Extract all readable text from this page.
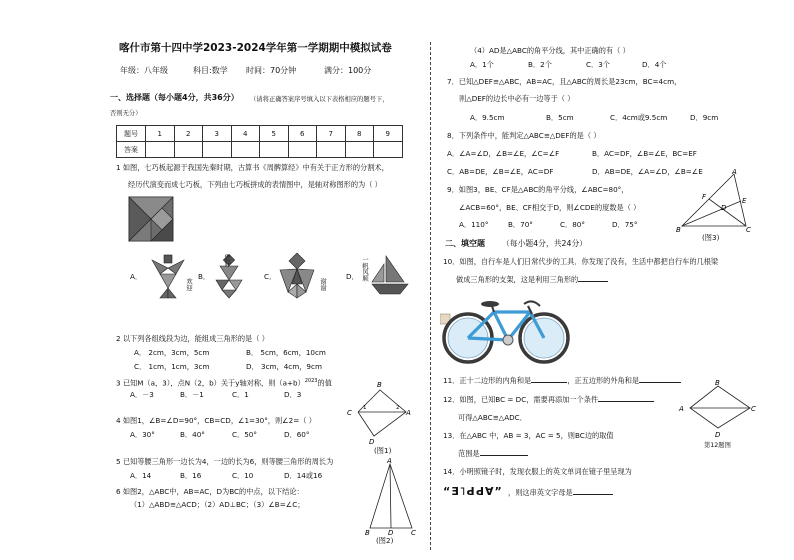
喀什市第十四中学2023-2024学年第一学期期中模拟试卷
年级：八年级	科目:数学 时间：70分钟	满分：100分
一、选择题（每小题4分，共36分） （请将正确答案序号填入以下表格相应的题号下，
否则无分）
题号	1	2	3	4	5	6	7	8	9
答案									
1 如图，七巧板起源于我国先秦时期，古算书《周髀算经》中有关于正方形的分割术，
经历代演变而成七巧板，下列由七巧板拼成的表情图中，是轴对称图形的为（ ）
A．
欢迎
B．
您好
C．
谢谢
D． 一帆风顺
2 以下列各组线段为边，能组成三角形的是（ ）
A． 2cm，3cm，5cm	B． 5cm，6cm，10cm
C． 1cm，1cm，3cm	D． 3cm，4cm，9cm
3 已知M（a，3），点N（2，b）关于y轴对称，则$(a+b)^{2023}$的值
A．－3	B．－1	C．1	D．3
4 如图1，∠B=∠D=90°，CB=CD，∠1=30°，则∠2=（ ）
A．30°	B．40°	C．50°	D．60°
C
B
A
D
1	2
(图1)
5 已知等腰三角形一边长为4，一边的长为6，则等腰三角形的周长为
A．14	B．16	C．10	D．14或16
6 如图2，△ABC中，AB=AC，D为BC的中点，以下结论：
（1）△ABD≌△ACD；（2）AD⊥BC；（3）∠B=∠C；
A
B	D	C
(图2)
（4）AD是△ABC的角平分线，其中正确的有（ ）
A．1个	B．2个	C．3个	D．4个
7．已知△DEF≌△ABC，AB=AC，且△ABC的周长是23cm，BC=4cm，
则△DEF的边长中必有一边等于（ ）
A．9.5cm	B．5cm	C．4cm或9.5cm	D．9cm
8．下列条件中，能判定△ABC≌△DEF的是（ ）
A．∠A=∠D，∠B=∠E，∠C=∠F	B．AC=DF，∠B=∠E，BC=EF
C．AB=DE，∠B=∠E，AC=DF	D．AB=DE，∠A=∠D，∠B=∠E
9．如图3，BE、CF是△ABC的角平分线，∠ABC=80°，
∠ACB=60°，BE、CF相交于D，则∠CDE的度数是（ ）
A．110°	B．70°	C．80°	D．75°
A
B	C
D
E
F
(图3)
二、填空题 （每小题4分，共24分）
10．如图，自行车是人们日常代步的工具．你发现了没有，生活中都把自行车的几根梁
做成三角形的支架，这是利用三角形的
11．正十二边形的内角和是	，正五边形的外角和是
12．如图，已知BC = DC，需要再添加一个条件
可得△ABC≌△ADC．
A
B
C
D
第12题图
13．在△ABC 中，AB = 3，AC = 5，则BC边的取值
范围是
14．小明照镜子时，发现衣服上的英文单词在镜子里呈现为
“Ǝ˥ԀԀⱯ” ，则这串英文字母是
